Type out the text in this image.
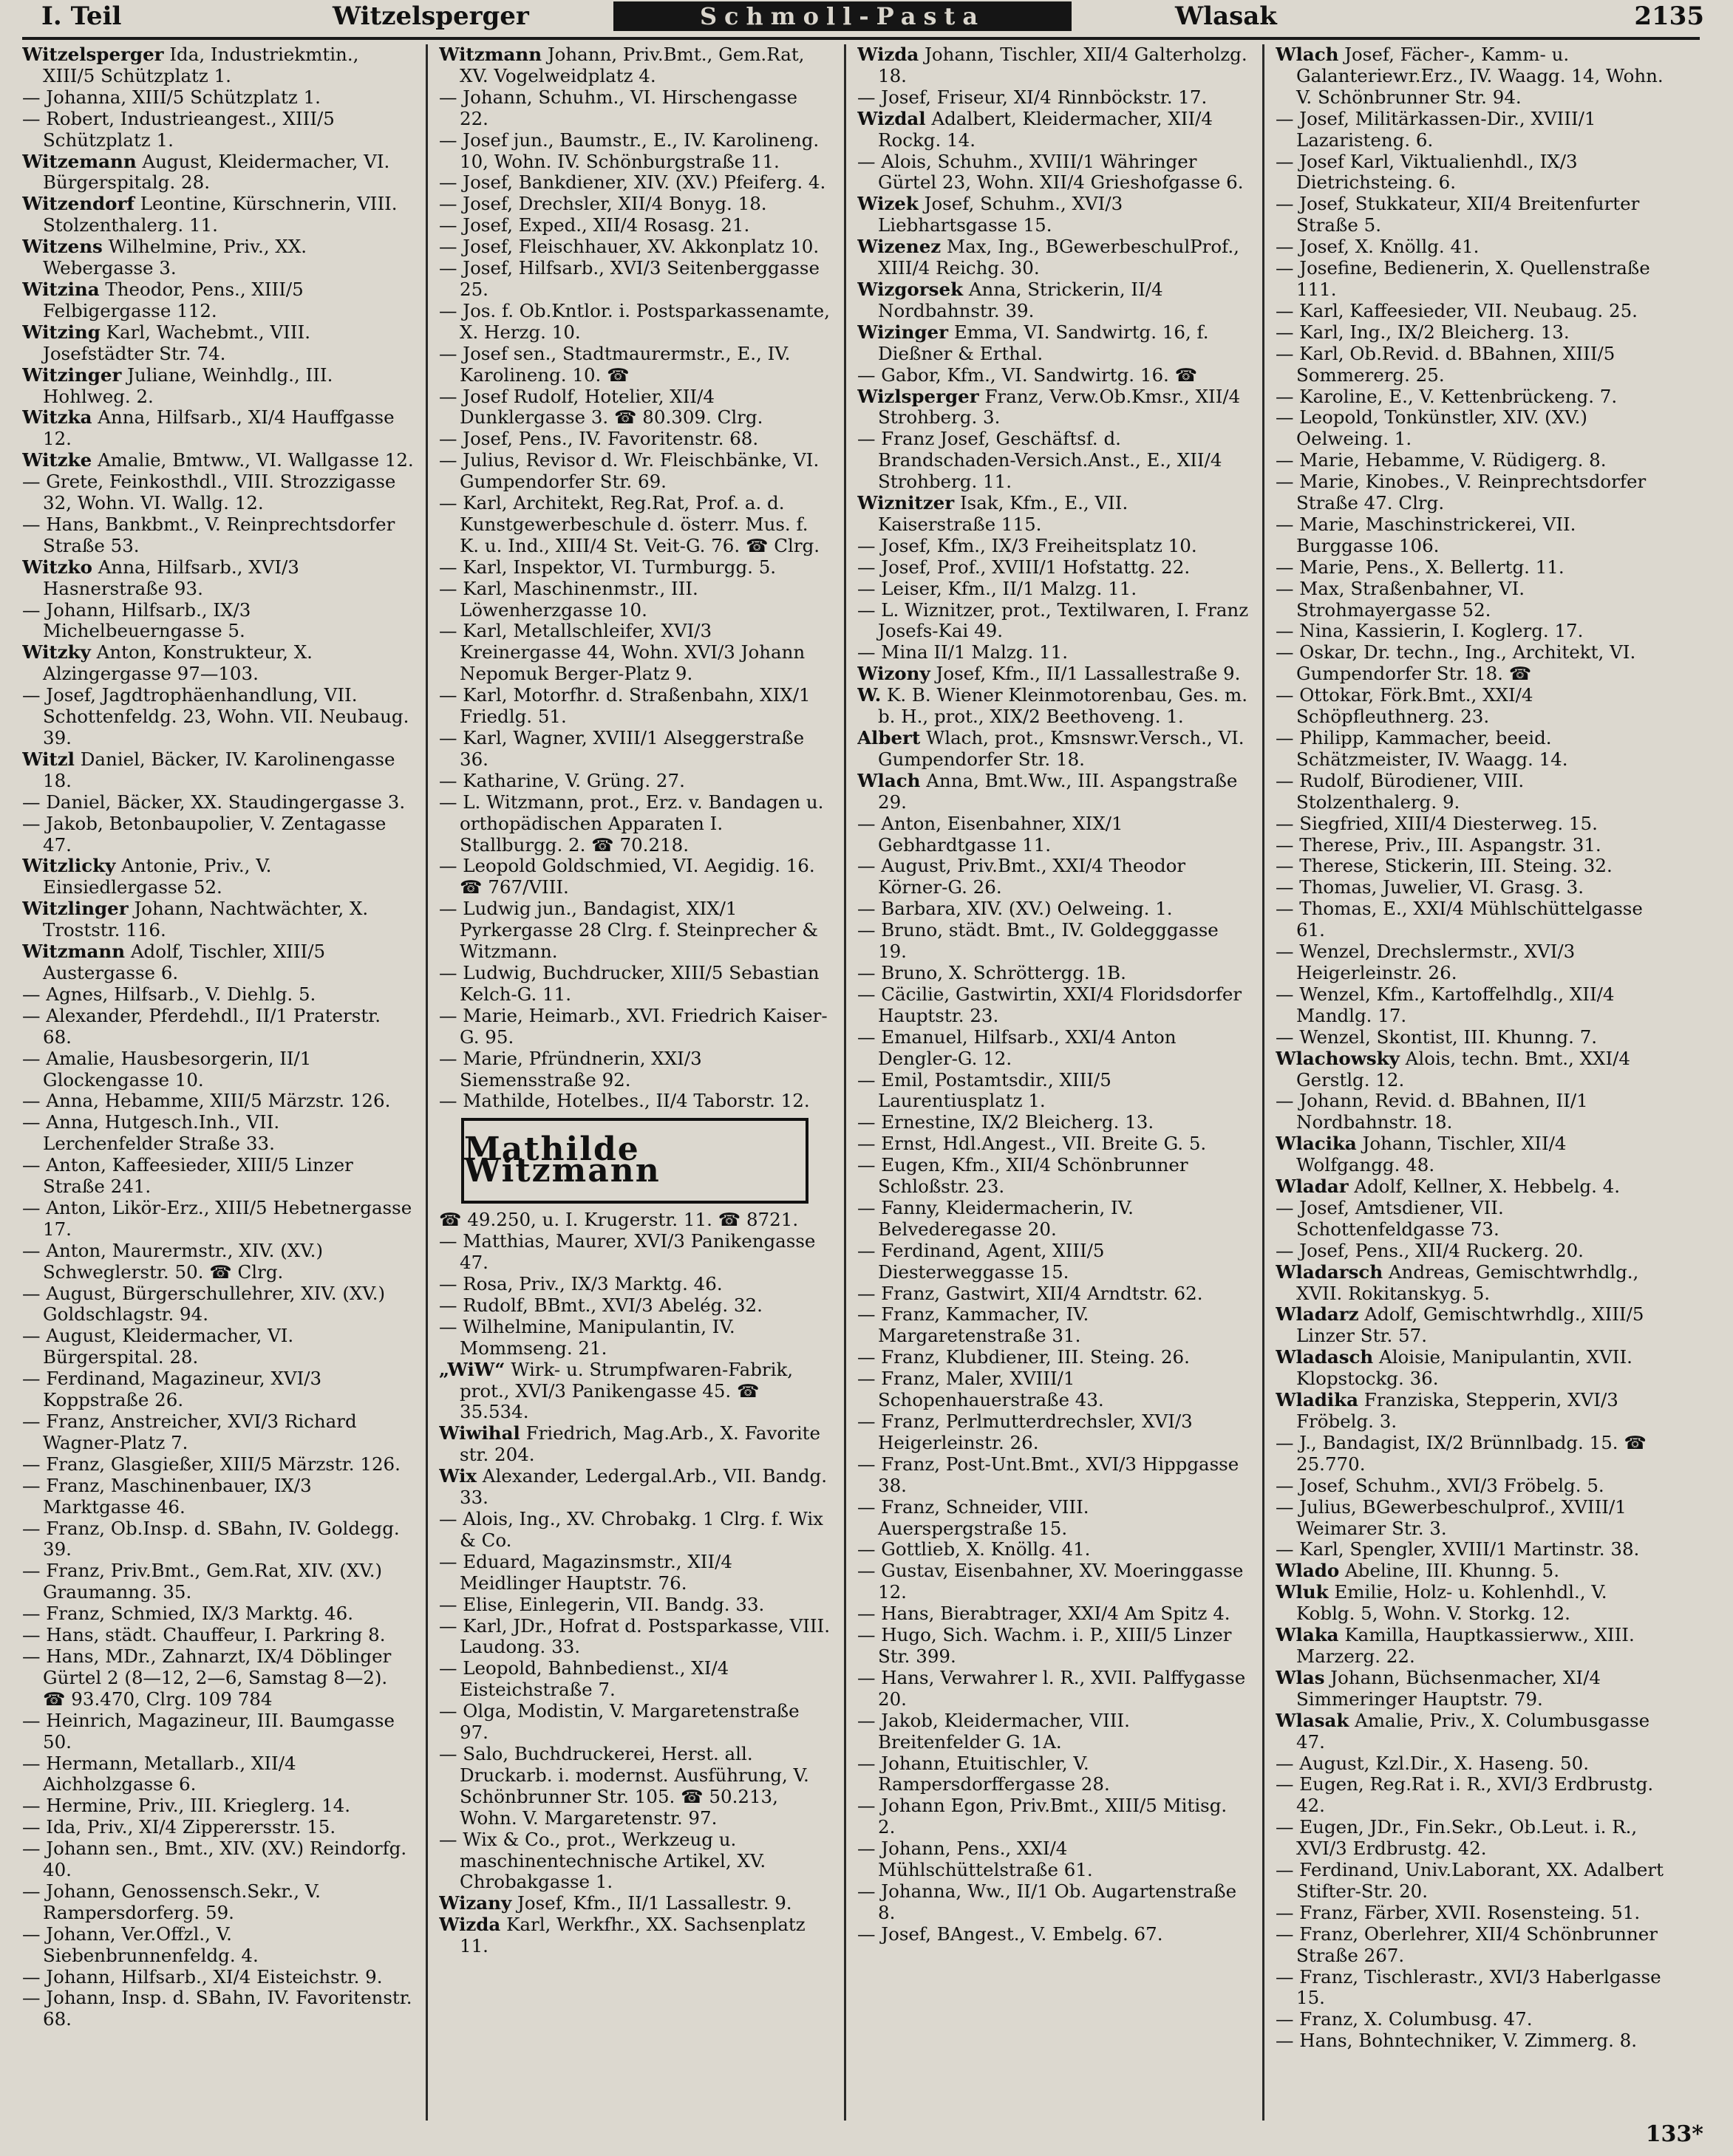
I. Teil	Witzelsperger	Schmoll-Pasta	Wlasak	2135
Witzelsperger Ida, Industriekmtin., XIII/5 Schützplatz 1.
— Johanna, XIII/5 Schützplatz 1.
— Robert, Industrieangest., XIII/5 Schützplatz 1.
Witzemann August, Kleidermacher, VI. Bürgerspitalg. 28.
Witzendorf Leontine, Kürschnerin, VIII. Stolzenthalerg. 11.
Witzens Wilhelmine, Priv., XX. Webergasse 3.
Witzina Theodor, Pens., XIII/5 Felbigergasse 112.
Witzing Karl, Wachebmt., VIII. Josefstädter Str. 74.
Witzinger Juliane, Weinhdlg., III. Hohlweg. 2.
Witzka Anna, Hilfsarb., XI/4 Hauffgasse 12.
Witzke Amalie, Bmtww., VI. Wallgasse 12.
— Grete, Feinkosthdl., VIII. Strozzigasse 32, Wohn. VI. Wallg. 12.
— Hans, Bankbmt., V. Reinprechtsdorfer Straße 53.
Witzko Anna, Hilfsarb., XVI/3 Hasnerstraße 93.
— Johann, Hilfsarb., IX/3 Michelbeuerngasse 5.
Witzky Anton, Konstrukteur, X. Alzingergasse 97—103.
— Josef, Jagdtrophäenhandlung, VII. Schottenfeldg. 23, Wohn. VII. Neubaug. 39.
Witzl Daniel, Bäcker, IV. Karolinengasse 18.
— Daniel, Bäcker, XX. Staudingergasse 3.
— Jakob, Betonbaupolier, V. Zentagasse 47.
Witzlicky Antonie, Priv., V. Einsiedlergasse 52.
Witzlinger Johann, Nachtwächter, X. Troststr. 116.
Witzmann Adolf, Tischler, XIII/5 Austergasse 6.
— Agnes, Hilfsarb., V. Diehlg. 5.
— Alexander, Pferdehdl., II/1 Praterstr. 68.
— Amalie, Hausbesorgerin, II/1 Glockengasse 10.
— Anna, Hebamme, XIII/5 Märzstr. 126.
— Anna, Hutgesch.Inh., VII. Lerchenfelder Straße 33.
— Anton, Kaffeesieder, XIII/5 Linzer Straße 241.
— Anton, Likör-Erz., XIII/5 Hebetnergasse 17.
— Anton, Maurermstr., XIV. (XV.) Schweglerstr. 50. ☎ Clrg.
— August, Bürgerschullehrer, XIV. (XV.) Goldschlagstr. 94.
— August, Kleidermacher, VI. Bürgerspital. 28.
— Ferdinand, Magazineur, XVI/3 Koppstraße 26.
— Franz, Anstreicher, XVI/3 Richard Wagner-Platz 7.
— Franz, Glasgießer, XIII/5 Märzstr. 126.
— Franz, Maschinenbauer, IX/3 Marktgasse 46.
— Franz, Ob.Insp. d. SBahn, IV. Goldegg. 39.
— Franz, Priv.Bmt., Gem.Rat, XIV. (XV.) Graumanng. 35.
— Franz, Schmied, IX/3 Marktg. 46.
— Hans, städt. Chauffeur, I. Parkring 8.
— Hans, MDr., Zahnarzt, IX/4 Döblinger Gürtel 2 (8—12, 2—6, Samstag 8—2). ☎ 93.470, Clrg. 109 784
— Heinrich, Magazineur, III. Baumgasse 50.
— Hermann, Metallarb., XII/4 Aichholzgasse 6.
— Hermine, Priv., III. Krieglerg. 14.
— Ida, Priv., XI/4 Zipperersstr. 15.
— Johann sen., Bmt., XIV. (XV.) Reindorfg. 40.
— Johann, Genossensch.Sekr., V. Rampersdorferg. 59.
— Johann, Ver.Offzl., V. Siebenbrunnenfeldg. 4.
— Johann, Hilfsarb., XI/4 Eisteichstr. 9.
— Johann, Insp. d. SBahn, IV. Favoritenstr. 68.
Witzmann Johann, Priv.Bmt., Gem.Rat, XV. Vogelweidplatz 4.
— Johann, Schuhm., VI. Hirschengasse 22.
— Josef jun., Baumstr., E., IV. Karolineng. 10, Wohn. IV. Schönburgstraße 11.
— Josef, Bankdiener, XIV. (XV.) Pfeiferg. 4.
— Josef, Drechsler, XII/4 Bonyg. 18.
— Josef, Exped., XII/4 Rosasg. 21.
— Josef, Fleischhauer, XV. Akkonplatz 10.
— Josef, Hilfsarb., XVI/3 Seitenberggasse 25.
— Jos. f. Ob.Kntlor. i. Postsparkassenamte, X. Herzg. 10.
— Josef sen., Stadtmaurermstr., E., IV. Karolineng. 10. ☎
— Josef Rudolf, Hotelier, XII/4 Dunklergasse 3. ☎ 80.309. Clrg.
— Josef, Pens., IV. Favoritenstr. 68.
— Julius, Revisor d. Wr. Fleischbänke, VI. Gumpendorfer Str. 69.
— Karl, Architekt, Reg.Rat, Prof. a. d. Kunstgewerbeschule d. österr. Mus. f. K. u. Ind., XIII/4 St. Veit-G. 76. ☎ Clrg.
— Karl, Inspektor, VI. Turmburgg. 5.
— Karl, Maschinenmstr., III. Löwenherzgasse 10.
— Karl, Metallschleifer, XVI/3 Kreinergasse 44, Wohn. XVI/3 Johann Nepomuk Berger-Platz 9.
— Karl, Motorfhr. d. Straßenbahn, XIX/1 Friedlg. 51.
— Karl, Wagner, XVIII/1 Alseggerstraße 36.
— Katharine, V. Grüng. 27.
— L. Witzmann, prot., Erz. v. Bandagen u. orthopädischen Apparaten I. Stallburgg. 2. ☎ 70.218.
— Leopold Goldschmied, VI. Aegidig. 16. ☎ 767/VIII.
— Ludwig jun., Bandagist, XIX/1 Pyrkergasse 28 Clrg. f. Steinprecher & Witzmann.
— Ludwig, Buchdrucker, XIII/5 Sebastian Kelch-G. 11.
— Marie, Heimarb., XVI. Friedrich Kaiser-G. 95.
— Marie, Pfründnerin, XXI/3 Siemensstraße 92.
— Mathilde, Hotelbes., II/4 Taborstr. 12.
Mathilde Witzmann
☎ 49.250, u. I. Krugerstr. 11. ☎ 8721.
— Matthias, Maurer, XVI/3 Panikengasse 47.
— Rosa, Priv., IX/3 Marktg. 46.
— Rudolf, BBmt., XVI/3 Abelég. 32.
— Wilhelmine, Manipulantin, IV. Mommseng. 21.
„WiW“ Wirk- u. Strumpfwaren-Fabrik, prot., XVI/3 Panikengasse 45. ☎ 35.534.
Wiwihal Friedrich, Mag.Arb., X. Favorite str. 204.
Wix Alexander, Ledergal.Arb., VII. Bandg. 33.
— Alois, Ing., XV. Chrobakg. 1 Clrg. f. Wix & Co.
— Eduard, Magazinsmstr., XII/4 Meidlinger Hauptstr. 76.
— Elise, Einlegerin, VII. Bandg. 33.
— Karl, JDr., Hofrat d. Postsparkasse, VIII. Laudong. 33.
— Leopold, Bahnbedienst., XI/4 Eisteichstraße 7.
— Olga, Modistin, V. Margaretenstraße 97.
— Salo, Buchdruckerei, Herst. all. Druckarb. i. modernst. Ausführung, V. Schönbrunner Str. 105. ☎ 50.213, Wohn. V. Margaretenstr. 97.
— Wix & Co., prot., Werkzeug u. maschinentechnische Artikel, XV. Chrobakgasse 1.
Wizany Josef, Kfm., II/1 Lassallestr. 9.
Wizda Karl, Werkfhr., XX. Sachsenplatz 11.
Wizda Johann, Tischler, XII/4 Galterholzg. 18.
— Josef, Friseur, XI/4 Rinnböckstr. 17.
Wizdal Adalbert, Kleidermacher, XII/4 Rockg. 14.
— Alois, Schuhm., XVIII/1 Währinger Gürtel 23, Wohn. XII/4 Grieshofgasse 6.
Wizek Josef, Schuhm., XVI/3 Liebhartsgasse 15.
Wizenez Max, Ing., BGewerbeschulProf., XIII/4 Reichg. 30.
Wizgorsek Anna, Strickerin, II/4 Nordbahnstr. 39.
Wizinger Emma, VI. Sandwirtg. 16, f. Dießner & Erthal.
— Gabor, Kfm., VI. Sandwirtg. 16. ☎
Wizlsperger Franz, Verw.Ob.Kmsr., XII/4 Strohberg. 3.
— Franz Josef, Geschäftsf. d. Brandschaden-Versich.Anst., E., XII/4 Strohberg. 11.
Wiznitzer Isak, Kfm., E., VII. Kaiserstraße 115.
— Josef, Kfm., IX/3 Freiheitsplatz 10.
— Josef, Prof., XVIII/1 Hofstattg. 22.
— Leiser, Kfm., II/1 Malzg. 11.
— L. Wiznitzer, prot., Textilwaren, I. Franz Josefs-Kai 49.
— Mina II/1 Malzg. 11.
Wizony Josef, Kfm., II/1 Lassallestraße 9.
W. K. B. Wiener Kleinmotorenbau, Ges. m. b. H., prot., XIX/2 Beethoveng. 1.
Albert Wlach, prot., Kmsnswr.Versch., VI. Gumpendorfer Str. 18.
Wlach Anna, Bmt.Ww., III. Aspangstraße 29.
— Anton, Eisenbahner, XIX/1 Gebhardtgasse 11.
— August, Priv.Bmt., XXI/4 Theodor Körner-G. 26.
— Barbara, XIV. (XV.) Oelweing. 1.
— Bruno, städt. Bmt., IV. Goldegggasse 19.
— Bruno, X. Schröttergg. 1B.
— Cäcilie, Gastwirtin, XXI/4 Floridsdorfer Hauptstr. 23.
— Emanuel, Hilfsarb., XXI/4 Anton Dengler-G. 12.
— Emil, Postamtsdir., XIII/5 Laurentiusplatz 1.
— Ernestine, IX/2 Bleicherg. 13.
— Ernst, Hdl.Angest., VII. Breite G. 5.
— Eugen, Kfm., XII/4 Schönbrunner Schloßstr. 23.
— Fanny, Kleidermacherin, IV. Belvederegasse 20.
— Ferdinand, Agent, XIII/5 Diesterweggasse 15.
— Franz, Gastwirt, XII/4 Arndtstr. 62.
— Franz, Kammacher, IV. Margaretenstraße 31.
— Franz, Klubdiener, III. Steing. 26.
— Franz, Maler, XVIII/1 Schopenhauerstraße 43.
— Franz, Perlmutterdrechsler, XVI/3 Heigerleinstr. 26.
— Franz, Post-Unt.Bmt., XVI/3 Hippgasse 38.
— Franz, Schneider, VIII. Auerspergstraße 15.
— Gottlieb, X. Knöllg. 41.
— Gustav, Eisenbahner, XV. Moeringgasse 12.
— Hans, Bierabtrager, XXI/4 Am Spitz 4.
— Hugo, Sich. Wachm. i. P., XIII/5 Linzer Str. 399.
— Hans, Verwahrer l. R., XVII. Palffygasse 20.
— Jakob, Kleidermacher, VIII. Breitenfelder G. 1A.
— Johann, Etuitischler, V. Rampersdorffergasse 28.
— Johann Egon, Priv.Bmt., XIII/5 Mitisg. 2.
— Johann, Pens., XXI/4 Mühlschüttelstraße 61.
— Johanna, Ww., II/1 Ob. Augartenstraße 8.
— Josef, BAngest., V. Embelg. 67.
Wlach Josef, Fächer-, Kamm- u. Galanteriewr.Erz., IV. Waagg. 14, Wohn. V. Schönbrunner Str. 94.
— Josef, Militärkassen-Dir., XVIII/1 Lazaristeng. 6.
— Josef Karl, Viktualienhdl., IX/3 Dietrichsteing. 6.
— Josef, Stukkateur, XII/4 Breitenfurter Straße 5.
— Josef, X. Knöllg. 41.
— Josefine, Bedienerin, X. Quellenstraße 111.
— Karl, Kaffeesieder, VII. Neubaug. 25.
— Karl, Ing., IX/2 Bleicherg. 13.
— Karl, Ob.Revid. d. BBahnen, XIII/5 Sommererg. 25.
— Karoline, E., V. Kettenbrückeng. 7.
— Leopold, Tonkünstler, XIV. (XV.) Oelweing. 1.
— Marie, Hebamme, V. Rüdigerg. 8.
— Marie, Kinobes., V. Reinprechtsdorfer Straße 47. Clrg.
— Marie, Maschinstrickerei, VII. Burggasse 106.
— Marie, Pens., X. Bellertg. 11.
— Max, Straßenbahner, VI. Strohmayergasse 52.
— Nina, Kassierin, I. Koglerg. 17.
— Oskar, Dr. techn., Ing., Architekt, VI. Gumpendorfer Str. 18. ☎
— Ottokar, Förk.Bmt., XXI/4 Schöpfleuthnerg. 23.
— Philipp, Kammacher, beeid. Schätzmeister, IV. Waagg. 14.
— Rudolf, Bürodiener, VIII. Stolzenthalerg. 9.
— Siegfried, XIII/4 Diesterweg. 15.
— Therese, Priv., III. Aspangstr. 31.
— Therese, Stickerin, III. Steing. 32.
— Thomas, Juwelier, VI. Grasg. 3.
— Thomas, E., XXI/4 Mühlschüttelgasse 61.
— Wenzel, Drechslermstr., XVI/3 Heigerleinstr. 26.
— Wenzel, Kfm., Kartoffelhdlg., XII/4 Mandlg. 17.
— Wenzel, Skontist, III. Khunng. 7.
Wlachowsky Alois, techn. Bmt., XXI/4 Gerstlg. 12.
— Johann, Revid. d. BBahnen, II/1 Nordbahnstr. 18.
Wlacika Johann, Tischler, XII/4 Wolfgangg. 48.
Wladar Adolf, Kellner, X. Hebbelg. 4.
— Josef, Amtsdiener, VII. Schottenfeldgasse 73.
— Josef, Pens., XII/4 Ruckerg. 20.
Wladarsch Andreas, Gemischtwrhdlg., XVII. Rokitanskyg. 5.
Wladarz Adolf, Gemischtwrhdlg., XIII/5 Linzer Str. 57.
Wladasch Aloisie, Manipulantin, XVII. Klopstockg. 36.
Wladika Franziska, Stepperin, XVI/3 Fröbelg. 3.
— J., Bandagist, IX/2 Brünnlbadg. 15. ☎ 25.770.
— Josef, Schuhm., XVI/3 Fröbelg. 5.
— Julius, BGewerbeschulprof., XVIII/1 Weimarer Str. 3.
— Karl, Spengler, XVIII/1 Martinstr. 38.
Wlado Abeline, III. Khunng. 5.
Wluk Emilie, Holz- u. Kohlenhdl., V. Koblg. 5, Wohn. V. Storkg. 12.
Wlaka Kamilla, Hauptkassierww., XIII. Marzerg. 22.
Wlas Johann, Büchsenmacher, XI/4 Simmeringer Hauptstr. 79.
Wlasak Amalie, Priv., X. Columbusgasse 47.
— August, Kzl.Dir., X. Haseng. 50.
— Eugen, Reg.Rat i. R., XVI/3 Erdbrustg. 42.
— Eugen, JDr., Fin.Sekr., Ob.Leut. i. R., XVI/3 Erdbrustg. 42.
— Ferdinand, Univ.Laborant, XX. Adalbert Stifter-Str. 20.
— Franz, Färber, XVII. Rosensteing. 51.
— Franz, Oberlehrer, XII/4 Schönbrunner Straße 267.
— Franz, Tischlerastr., XVI/3 Haberlgasse 15.
— Franz, X. Columbusg. 47.
— Hans, Bohntechniker, V. Zimmerg. 8.
133*
